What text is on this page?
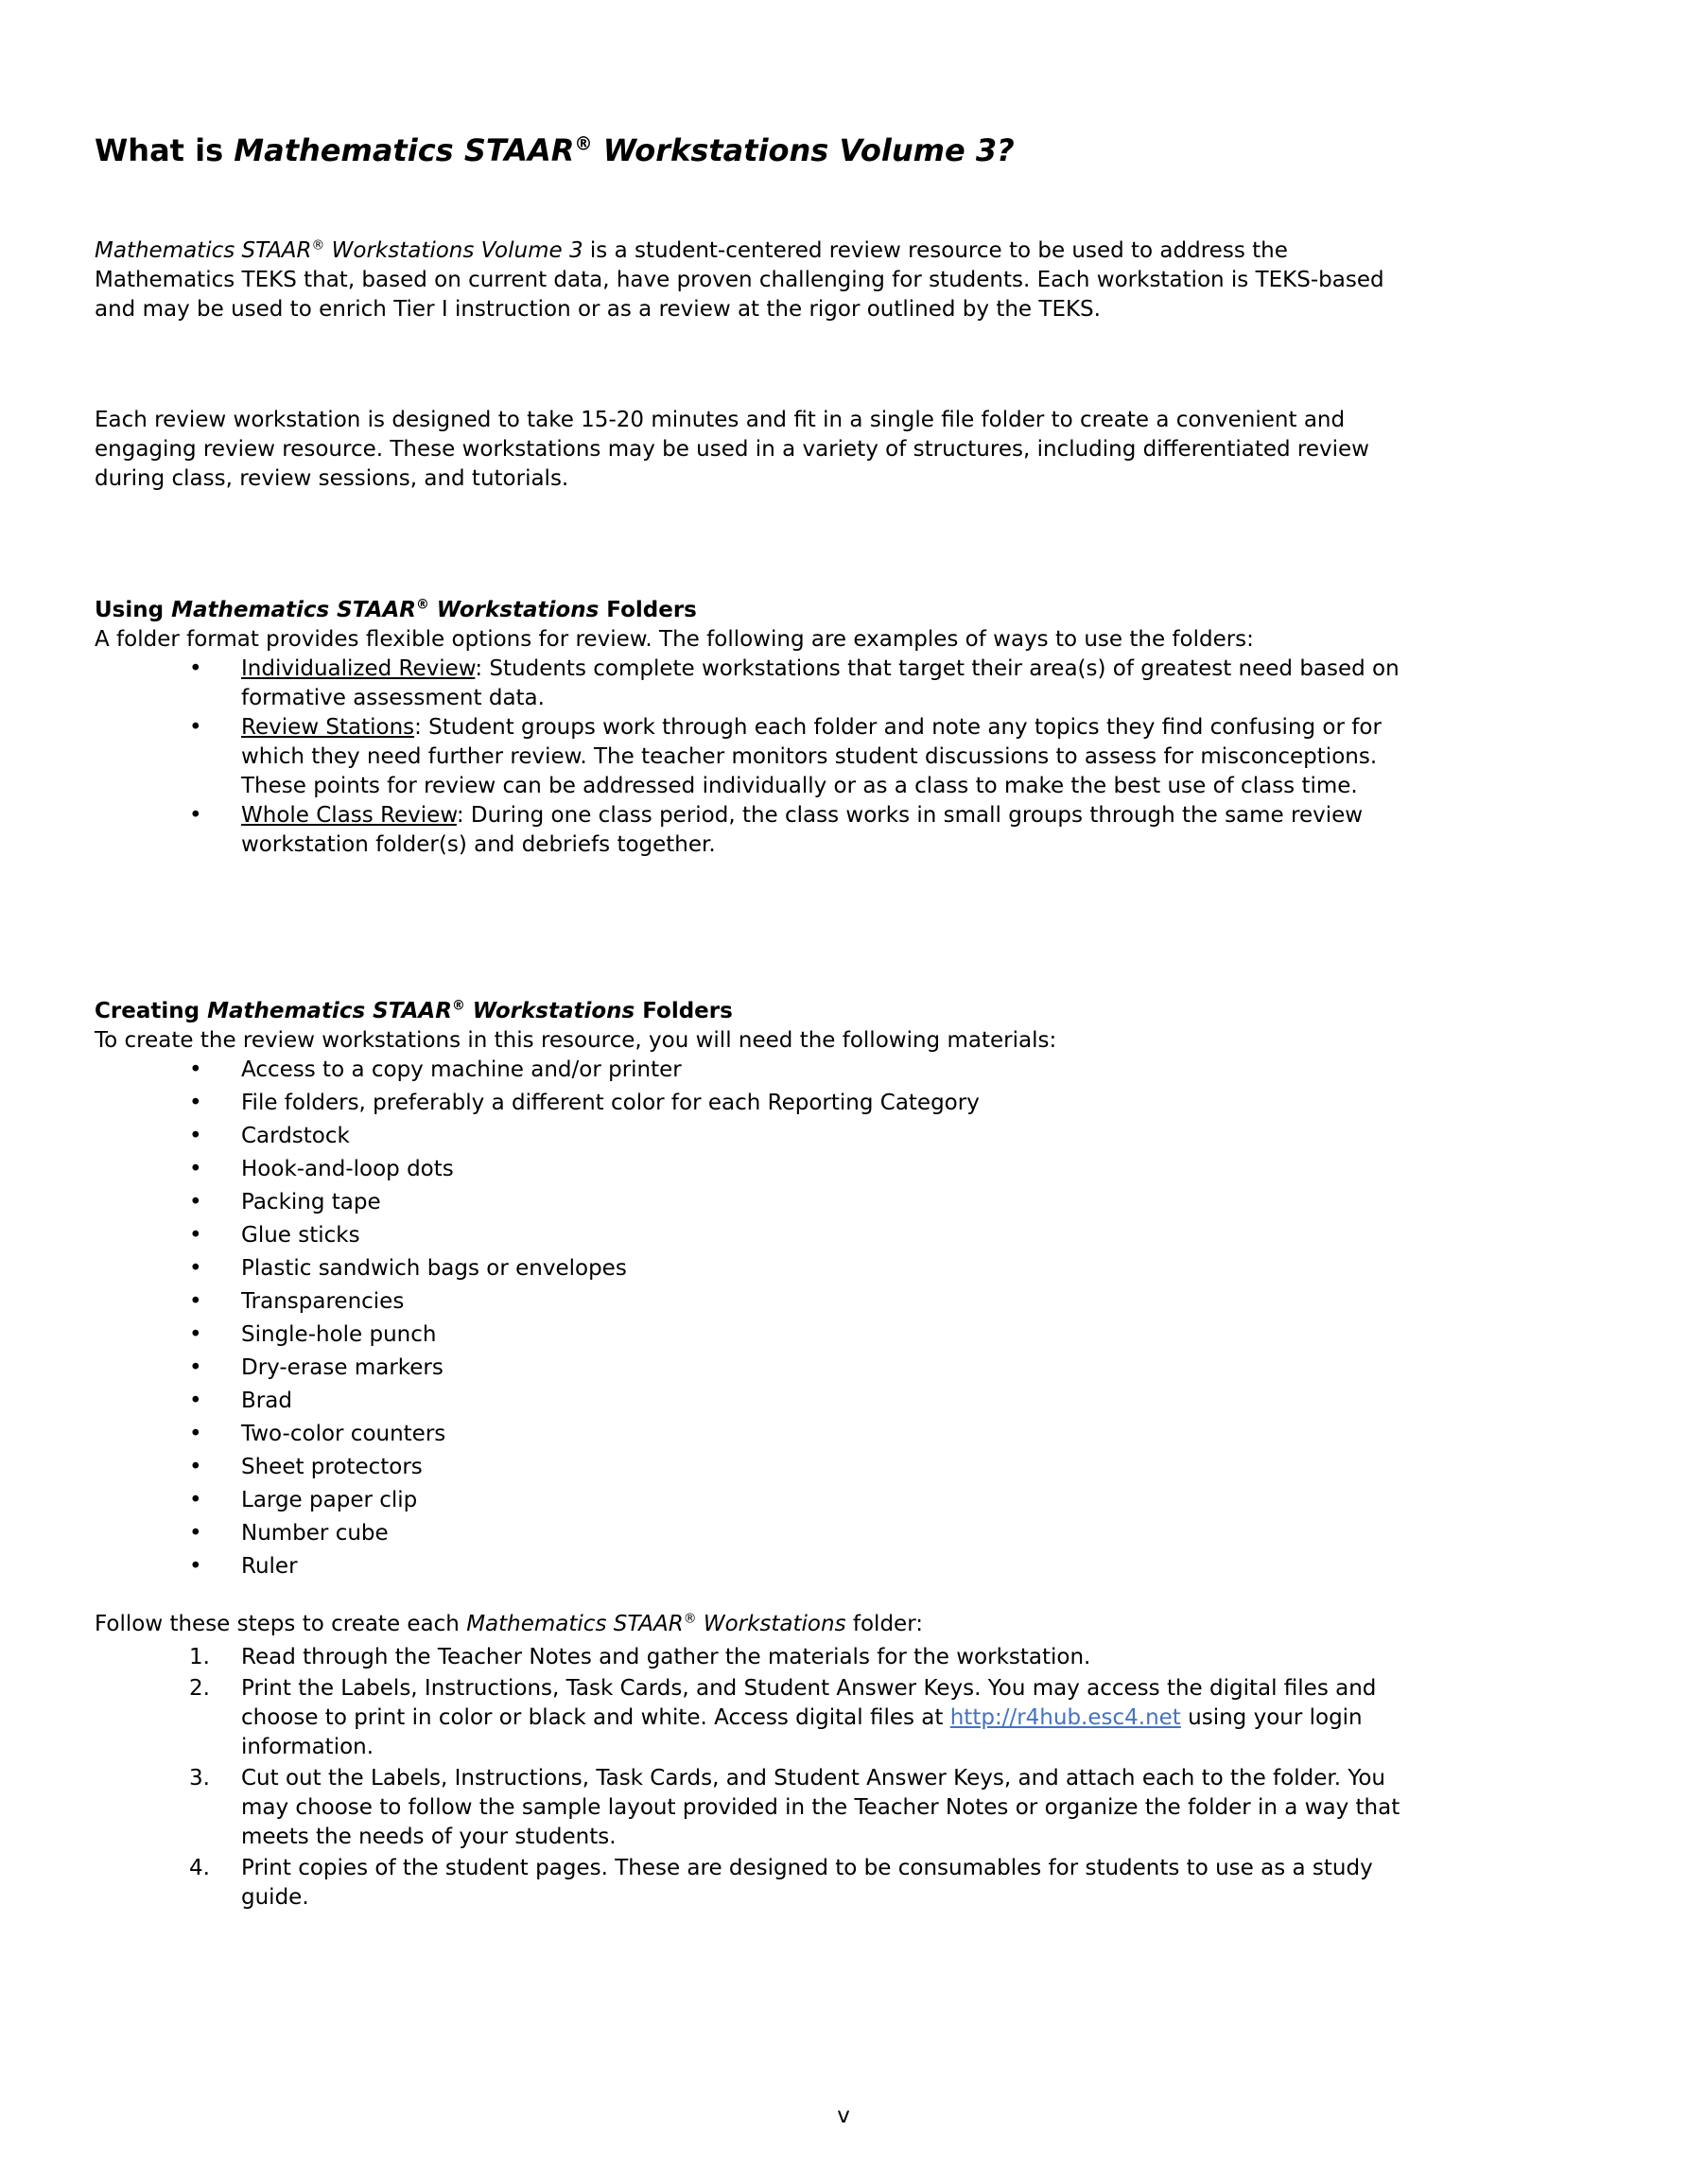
What is Mathematics STAAR® Workstations Volume 3?

Mathematics STAAR® Workstations Volume 3 is a student-centered review resource to be used to address the Mathematics TEKS that, based on current data, have proven challenging for students. Each workstation is TEKS-based and may be used to enrich Tier I instruction or as a review at the rigor outlined by the TEKS.

Each review workstation is designed to take 15-20 minutes and fit in a single file folder to create a convenient and engaging review resource. These workstations may be used in a variety of structures, including differentiated review during class, review sessions, and tutorials.

Using Mathematics STAAR® Workstations Folders

A folder format provides flexible options for review. The following are examples of ways to use the folders:

• Individualized Review: Students complete workstations that target their area(s) of greatest need based on formative assessment data.
• Review Stations: Student groups work through each folder and note any topics they find confusing or for which they need further review. The teacher monitors student discussions to assess for misconceptions. These points for review can be addressed individually or as a class to make the best use of class time.
• Whole Class Review: During one class period, the class works in small groups through the same review workstation folder(s) and debriefs together.
Creating Mathematics STAAR® Workstations Folders

To create the review workstations in this resource, you will need the following materials:

• Access to a copy machine and/or printer
• File folders, preferably a different color for each Reporting Category
• Cardstock
• Hook-and-loop dots
• Packing tape
• Glue sticks
• Plastic sandwich bags or envelopes
• Transparencies
• Single-hole punch
• Dry-erase markers
• Brad
• Two-color counters
• Sheet protectors
• Large paper clip
• Number cube
• Ruler

Follow these steps to create each Mathematics STAAR® Workstations folder:

1. Read through the Teacher Notes and gather the materials for the workstation.
2. Print the Labels, Instructions, Task Cards, and Student Answer Keys. You may access the digital files and choose to print in color or black and white. Access digital files at http://r4hub.esc4.net using your login information.
3. Cut out the Labels, Instructions, Task Cards, and Student Answer Keys, and attach each to the folder. You may choose to follow the sample layout provided in the Teacher Notes or organize the folder in a way that meets the needs of your students.
4. Print copies of the student pages. These are designed to be consumables for students to use as a study guide.
v
